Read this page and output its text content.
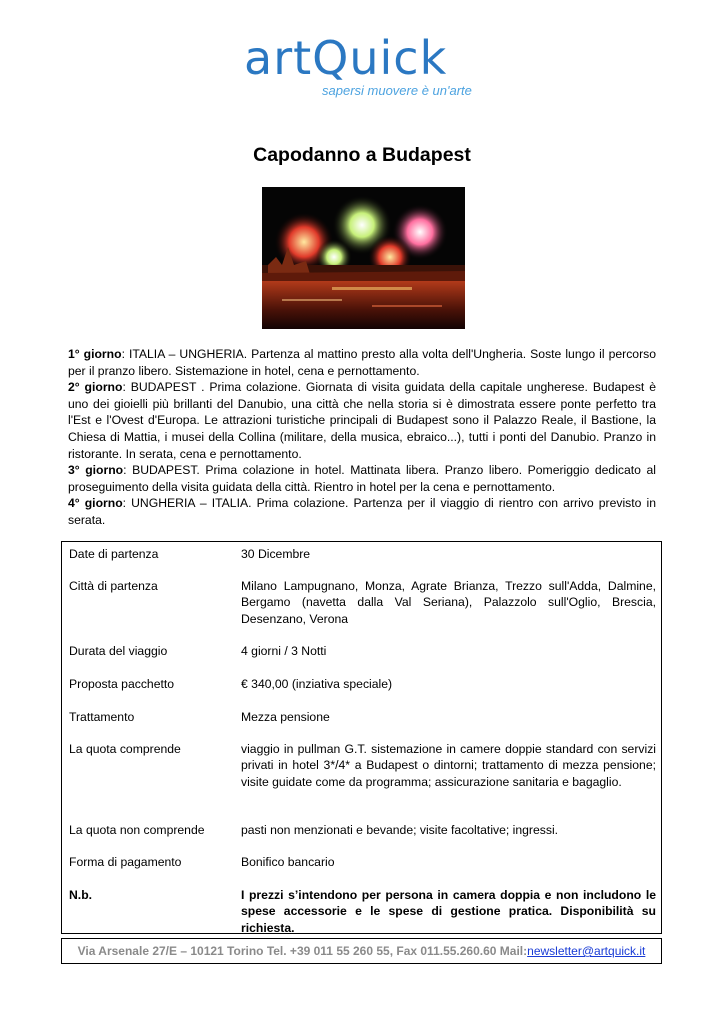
artQuick
sapersi muovere è un'arte
Capodanno a Budapest

1° giorno: ITALIA – UNGHERIA. Partenza al mattino presto alla volta dell'Ungheria. Soste lungo il percorso per il pranzo libero. Sistemazione in hotel, cena e pernottamento.

2° giorno: BUDAPEST . Prima colazione. Giornata di visita guidata della capitale ungherese. Budapest è uno dei gioielli più brillanti del Danubio, una città che nella storia si è dimostrata essere ponte perfetto tra l'Est e l'Ovest d'Europa. Le attrazioni turistiche principali di Budapest sono il Palazzo Reale, il Bastione, la Chiesa di Mattia, i musei della Collina (militare, della musica, ebraico...), tutti i ponti del Danubio. Pranzo in ristorante. In serata, cena e pernottamento.

3° giorno: BUDAPEST. Prima colazione in hotel. Mattinata libera. Pranzo libero. Pomeriggio dedicato al proseguimento della visita guidata della città. Rientro in hotel per la cena e pernottamento.

4° giorno: UNGHERIA – ITALIA. Prima colazione. Partenza per il viaggio di rientro con arrivo previsto in serata.

Date di partenza	30 Dicembre
Città di partenza	Milano Lampugnano, Monza, Agrate Brianza, Trezzo sull'Adda, Dalmine, Bergamo (navetta dalla Val Seriana), Palazzolo sull'Oglio, Brescia, Desenzano, Verona
Durata del viaggio	4 giorni / 3 Notti
Proposta pacchetto	€ 340,00 (inziativa speciale)
Trattamento	Mezza pensione
La quota comprende	viaggio in pullman G.T. sistemazione in camere doppie standard con servizi privati in hotel 3*/4* a Budapest o dintorni; trattamento di mezza pensione; visite guidate come da programma; assicurazione sanitaria e bagaglio.
La quota non comprende	pasti non menzionati e bevande; visite facoltative; ingressi.
Forma di pagamento	Bonifico bancario
N.b.	I prezzi s’intendono per persona in camera doppia e non includono le spese accessorie e le spese di gestione pratica. Disponibilità su richiesta.
Via Arsenale 27/E – 10121 Torino Tel. +39 011 55 260 55, Fax 011.55.260.60 Mail:newsletter@artquick.it
